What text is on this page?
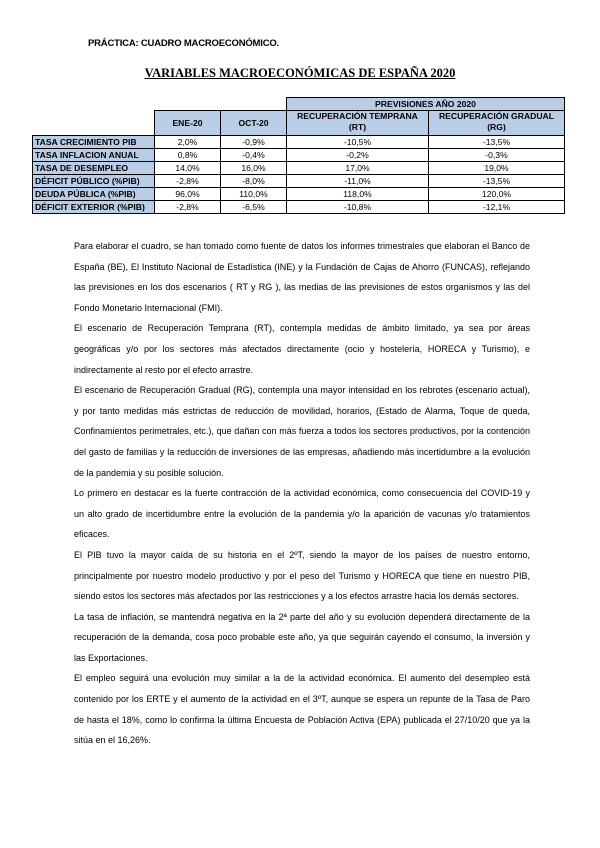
PRÁCTICA: CUADRO MACROECONÓMICO.
VARIABLES MACROECONÓMICAS DE ESPAÑA 2020
			PREVISIONES AÑO 2020	
	ENE-20	OCT-20	RECUPERACIÓN TEMPRANA (RT)	RECUPERACIÓN GRADUAL (RG)
TASA CRECIMIENTO PIB	2,0%	-0,9%	-10,5%	-13,5%
TASA INFLACION ANUAL	0,8%	-0,4%	-0,2%	-0,3%
TASA DE DESEMPLEO	14,0%	16,0%	17,0%	19,0%
DÉFICIT PÚBLICO (%PIB)	-2,8%	-8,0%	-11,0%	-13,5%
DEUDA PÚBLICA (%PIB)	96,0%	110,0%	118,0%	120,0%
DÉFICIT EXTERIOR (%PIB)	-2,8%	-6,5%	-10,8%	-12,1%

Para elaborar el cuadro, se han tomado como fuente de datos los informes trimestrales que elaboran el Banco de España (BE), El Instituto Nacional de Estadística (INE) y la Fundación de Cajas de Ahorro (FUNCAS), reflejando las previsiones en los dos escenarios ( RT y RG ), las medias de las previsiones de estos organismos y las del Fondo Monetario Internacional (FMI).

El escenario de Recuperación Temprana (RT), contempla medidas de ámbito limitado, ya sea por áreas geográficas y/o por los sectores más afectados directamente (ocio y hostelería, HORECA y Turismo), e indirectamente al resto por el efecto arrastre.

El escenario de Recuperación Gradual (RG), contempla una mayor intensidad en los rebrotes (escenario actual), y por tanto medidas más estrictas de reducción de movilidad, horarios, (Estado de Alarma, Toque de queda, Confinamientos perimetrales, etc.), que dañan con más fuerza a todos los sectores productivos, por la contención del gasto de familias y la reducción de inversiones de las empresas, añadiendo más incertidumbre a la evolución de la pandemia y su posible solución.

Lo primero en destacar es la fuerte contracción de la actividad económica, como consecuencia del COVID-19 y un alto grado de incertidumbre entre la evolución de la pandemia y/o la aparición de vacunas y/o tratamientos eficaces.

El PIB tuvo la mayor caída de su historia en el 2ºT, siendo la mayor de los países de nuestro entorno, principalmente por nuestro modelo productivo y por el peso del Turismo y HORECA que tiene en nuestro PIB, siendo estos los sectores más afectados por las restricciones y a los efectos arrastre hacia los demás sectores.

La tasa de inflación, se mantendrá negativa en la 2ª parte del año y su evolución dependerá directamente de la recuperación de la demanda, cosa poco probable este año, ya que seguirán cayendo el consumo, la inversión y las Exportaciones.

El empleo seguirá una evolución muy similar a la de la actividad económica. El aumento del desempleo está contenido por los ERTE y el aumento de la actividad en el 3ºT, aunque se espera un repunte de la Tasa de Paro de hasta el 18%, como lo confirma la última Encuesta de Población Activa (EPA) publicada el 27/10/20 que ya la sitúa en el 16,26%.
